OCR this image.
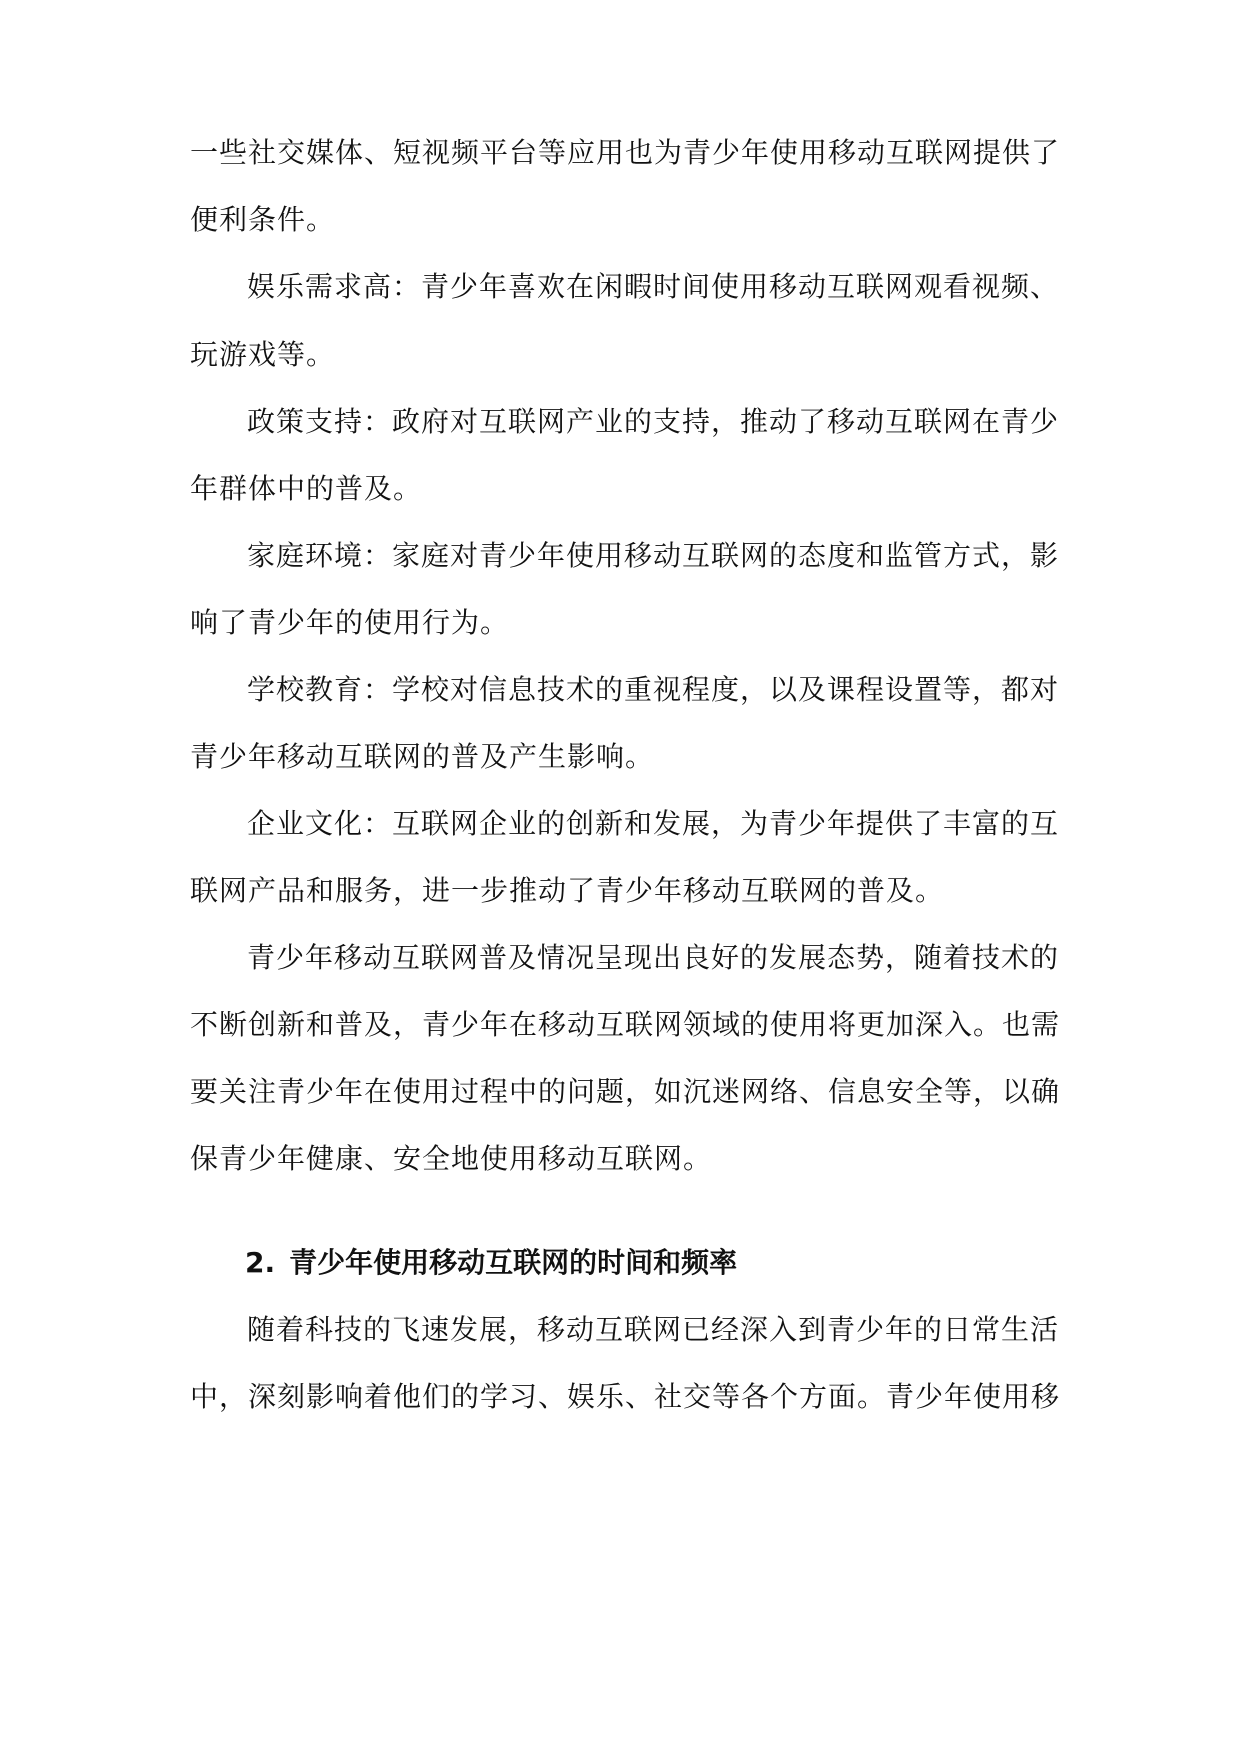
一些社交媒体、短视频平台等应用也为青少年使用移动互联网提供了
便利条件。
娱乐需求高：青少年喜欢在闲暇时间使用移动互联网观看视频、
玩游戏等。
政策支持：政府对互联网产业的支持，推动了移动互联网在青少
年群体中的普及。
家庭环境：家庭对青少年使用移动互联网的态度和监管方式，影
响了青少年的使用行为。
学校教育：学校对信息技术的重视程度，以及课程设置等，都对
青少年移动互联网的普及产生影响。
企业文化：互联网企业的创新和发展，为青少年提供了丰富的互
联网产品和服务，进一步推动了青少年移动互联网的普及。
青少年移动互联网普及情况呈现出良好的发展态势，随着技术的
不断创新和普及，青少年在移动互联网领域的使用将更加深入。也需
要关注青少年在使用过程中的问题，如沉迷网络、信息安全等，以确
保青少年健康、安全地使用移动互联网。
2. 青少年使用移动互联网的时间和频率
随着科技的飞速发展，移动互联网已经深入到青少年的日常生活
中，深刻影响着他们的学习、娱乐、社交等各个方面。青少年使用移
